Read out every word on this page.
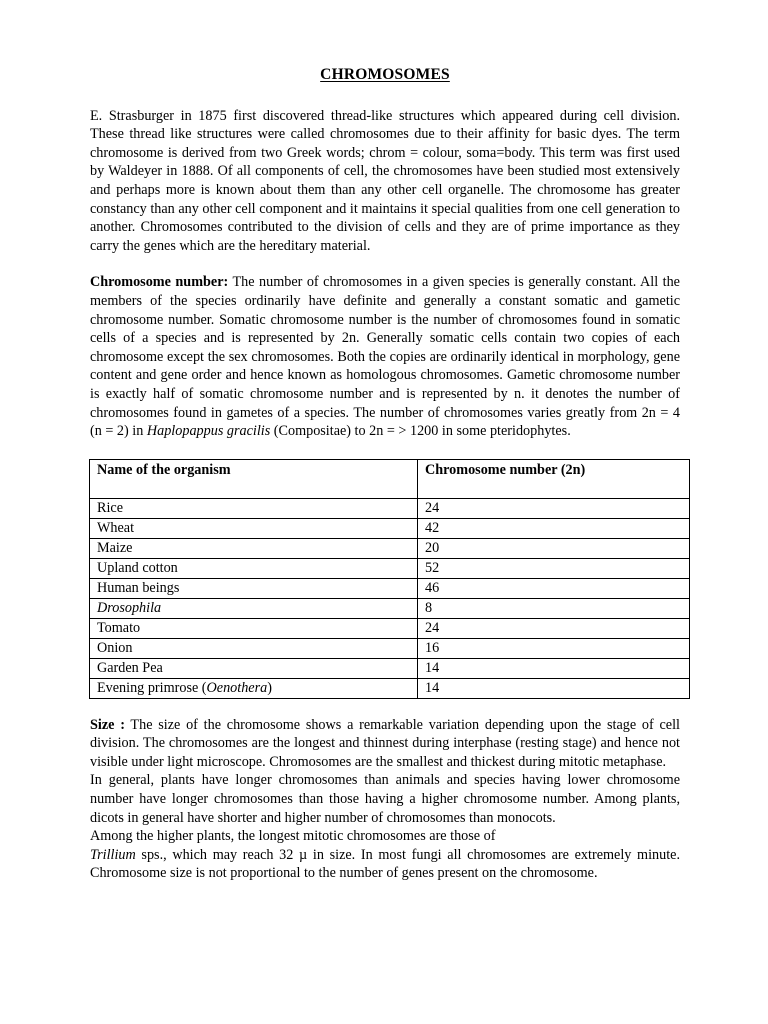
CHROMOSOMES

E. Strasburger in 1875 first discovered thread-like structures which appeared during cell division. These thread like structures were called chromosomes due to their affinity for basic dyes. The term chromosome is derived from two Greek words; chrom = colour, soma=body. This term was first used by Waldeyer in 1888. Of all components of cell, the chromosomes have been studied most extensively and perhaps more is known about them than any other cell organelle. The chromosome has greater constancy than any other cell component and it maintains it special qualities from one cell generation to another. Chromosomes contributed to the division of cells and they are of prime importance as they carry the genes which are the hereditary material.

Chromosome number: The number of chromosomes in a given species is generally constant. All the members of the species ordinarily have definite and generally a constant somatic and gametic chromosome number. Somatic chromosome number is the number of chromosomes found in somatic cells of a species and is represented by 2n. Generally somatic cells contain two copies of each chromosome except the sex chromosomes. Both the copies are ordinarily identical in morphology, gene content and gene order and hence known as homologous chromosomes. Gametic chromosome number is exactly half of somatic chromosome number and is represented by n. it denotes the number of chromosomes found in gametes of a species. The number of chromosomes varies greatly from 2n = 4 (n = 2) in Haplopappus gracilis (Compositae) to 2n = > 1200 in some pteridophytes.

Name of the organism	Chromosome number (2n)
Rice	24
Wheat	42
Maize	20
Upland cotton	52
Human beings	46
Drosophila	8
Tomato	24
Onion	16
Garden Pea	14
Evening primrose (Oenothera)	14

Size : The size of the chromosome shows a remarkable variation depending upon the stage of cell division. The chromosomes are the longest and thinnest during interphase (resting stage) and hence not visible under light microscope. Chromosomes are the smallest and thickest during mitotic metaphase.

In general, plants have longer chromosomes than animals and species having lower chromosome number have longer chromosomes than those having a higher chromosome number. Among plants, dicots in general have shorter and higher number of chromosomes than monocots.

Among the higher plants, the longest mitotic chromosomes are those of

Trillium sps., which may reach 32 µ in size. In most fungi all chromosomes are extremely minute. Chromosome size is not proportional to the number of genes present on the chromosome.
